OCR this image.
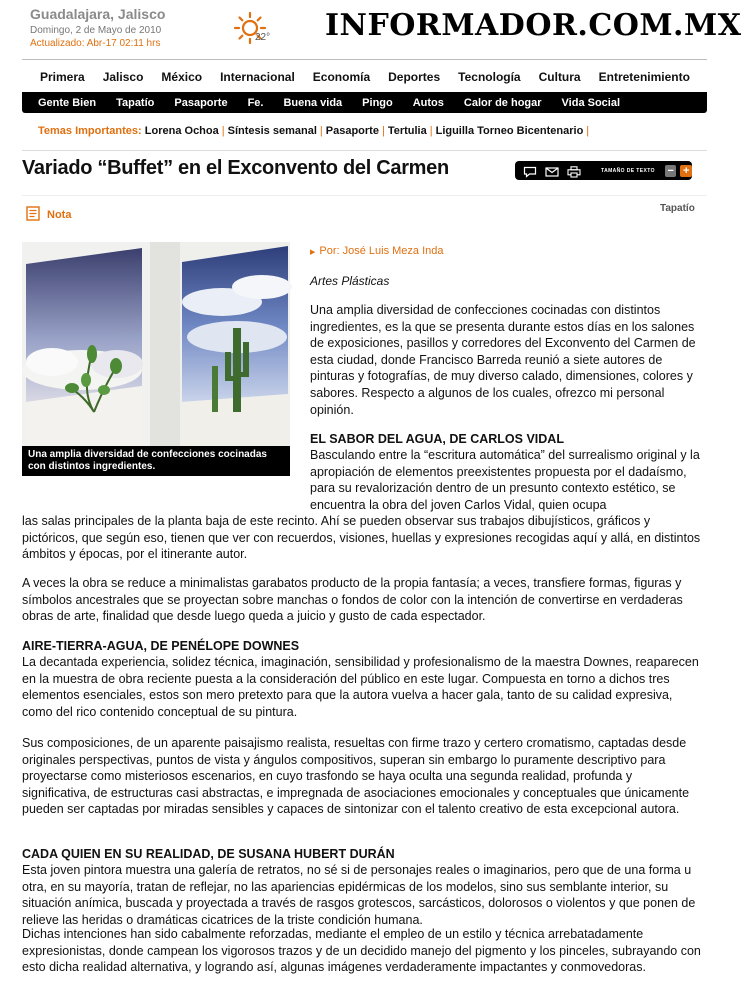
Guadalajara, Jalisco
Domingo, 2 de Mayo de 2010
Actualizado: Abr-17 02:11 hrs
22° INFORMADOR.COM.MX
Primera Jalisco México Internacional Economía Deportes Tecnología Cultura Entretenimiento
Gente Bien Tapatío Pasaporte Fe. Buena vida Pingo Autos Calor de hogar Vida Social
Temas Importantes: Lorena Ochoa | Síntesis semanal | Pasaporte | Tertulia | Liguilla Torneo Bicentenario |
Variado “Buffet” en el Exconvento del Carmen	TAMAÑO DE TEXTO − +
Nota
Tapatío
Una amplia diversidad de confecciones cocinadas con distintos ingredientes.
▶ Por: José Luis Meza Inda
Artes Plásticas

Una amplia diversidad de confecciones cocinadas con distintos ingredientes, es la que se presenta durante estos días en los salones de exposiciones, pasillos y corredores del Exconvento del Carmen de esta ciudad, donde Francisco Barreda reunió a siete autores de pinturas y fotografías, de muy diverso calado, dimensiones, colores y sabores. Respecto a algunos de los cuales, ofrezco mi personal opinión.

EL SABOR DEL AGUA, DE CARLOS VIDAL

Basculando entre la “escritura automática” del surrealismo original y la apropiación de elementos preexistentes propuesta por el dadaísmo, para su revalorización dentro de un presunto contexto estético, se encuentra la obra del joven Carlos Vidal, quien ocupa

las salas principales de la planta baja de este recinto. Ahí se pueden observar sus trabajos dibujísticos, gráficos y pictóricos, que según eso, tienen que ver con recuerdos, visiones, huellas y expresiones recogidas aquí y allá, en distintos ámbitos y épocas, por el itinerante autor.

A veces la obra se reduce a minimalistas garabatos producto de la propia fantasía; a veces, transfiere formas, figuras y símbolos ancestrales que se proyectan sobre manchas o fondos de color con la intención de convertirse en verdaderas obras de arte, finalidad que desde luego queda a juicio y gusto de cada espectador.

AIRE-TIERRA-AGUA, DE PENÉLOPE DOWNES

La decantada experiencia, solidez técnica, imaginación, sensibilidad y profesionalismo de la maestra Downes, reaparecen en la muestra de obra reciente puesta a la consideración del público en este lugar. Compuesta en torno a dichos tres elementos esenciales, estos son mero pretexto para que la autora vuelva a hacer gala, tanto de su calidad expresiva, como del rico contenido conceptual de su pintura.

Sus composiciones, de un aparente paisajismo realista, resueltas con firme trazo y certero cromatismo, captadas desde originales perspectivas, puntos de vista y ángulos compositivos, superan sin embargo lo puramente descriptivo para proyectarse como misteriosos escenarios, en cuyo trasfondo se haya oculta una segunda realidad, profunda y significativa, de estructuras casi abstractas, e impregnada de asociaciones emocionales y conceptuales que únicamente pueden ser captadas por miradas sensibles y capaces de sintonizar con el talento creativo de esta excepcional autora.

CADA QUIEN EN SU REALIDAD, DE SUSANA HUBERT DURÁN

Esta joven pintora muestra una galería de retratos, no sé si de personajes reales o imaginarios, pero que de una forma u otra, en su mayoría, tratan de reflejar, no las apariencias epidérmicas de los modelos, sino sus semblante interior, su situación anímica, buscada y proyectada a través de rasgos grotescos, sarcásticos, dolorosos o violentos y que ponen de relieve las heridas o dramáticas cicatrices de la triste condición humana.

Dichas intenciones han sido cabalmente reforzadas, mediante el empleo de un estilo y técnica arrebatadamente expresionistas, donde campean los vigorosos trazos y de un decidido manejo del pigmento y los pinceles, subrayando con esto dicha realidad alternativa, y logrando así, algunas imágenes verdaderamente impactantes y conmovedoras.
